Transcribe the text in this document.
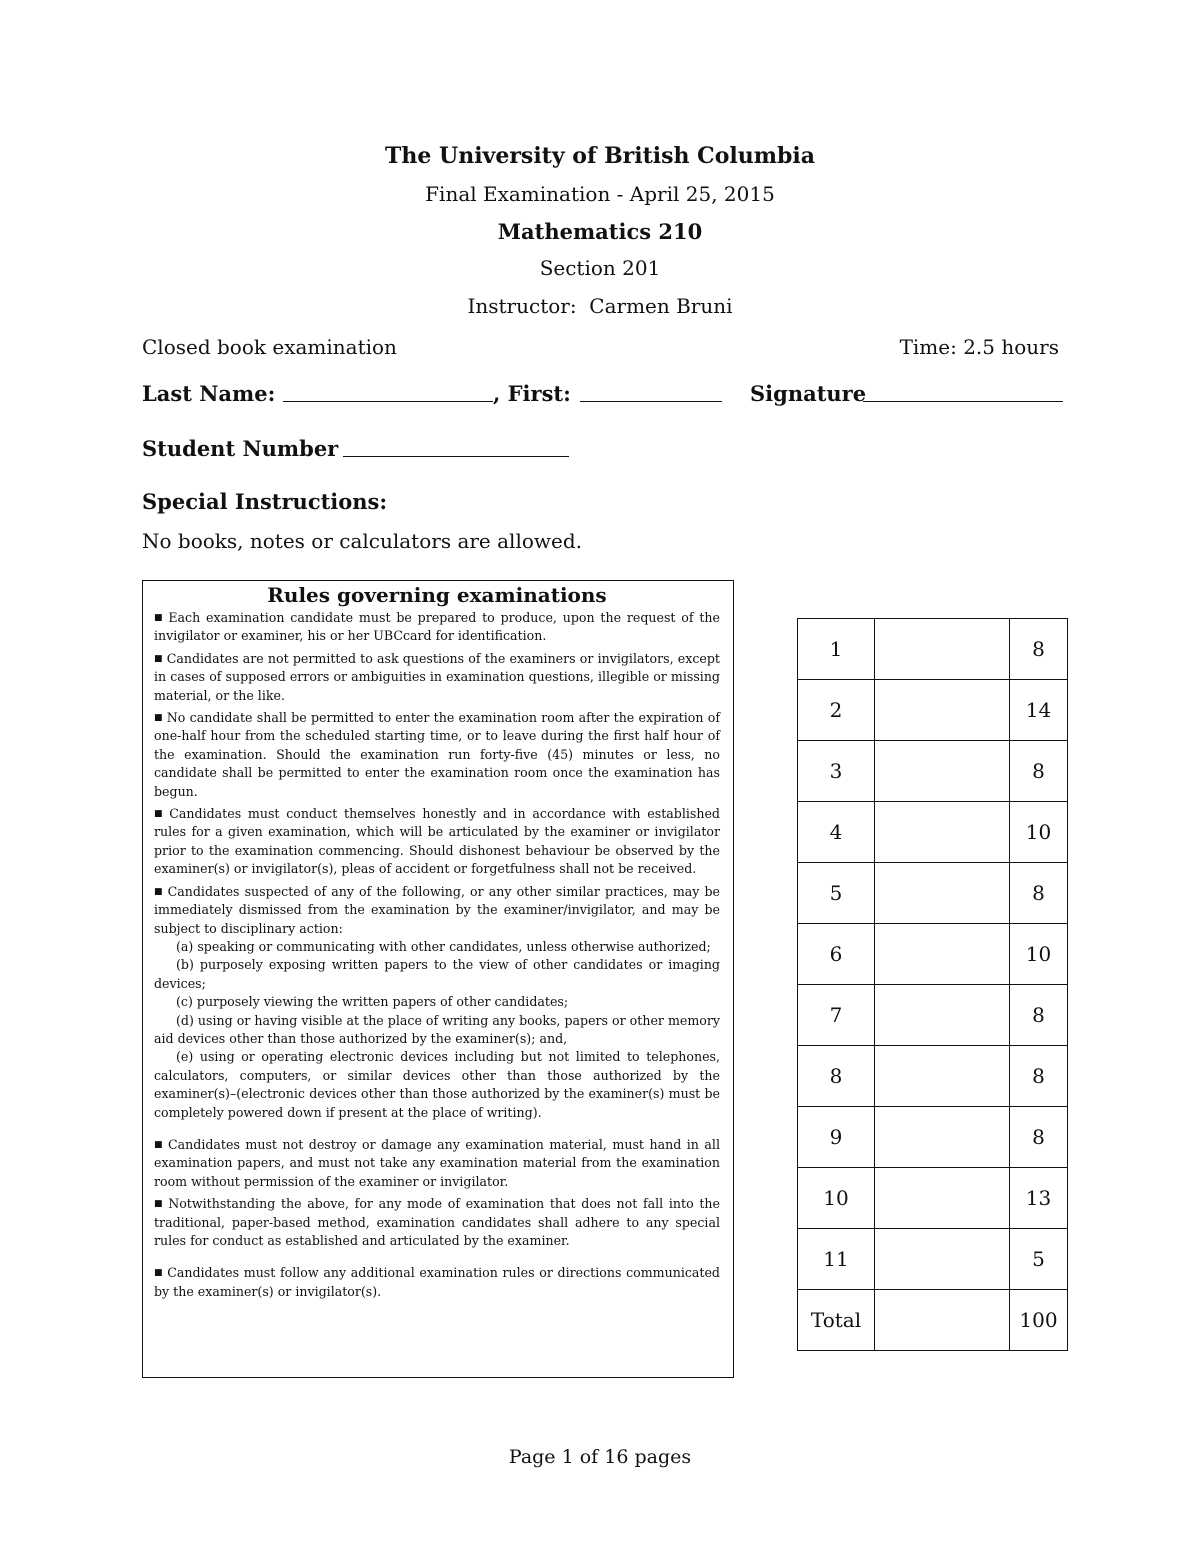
The University of British Columbia
Final Examination - April 25, 2015
Mathematics 210
Section 201
Instructor:  Carmen Bruni
Closed book examination	Time: 2.5 hours
Last Name:	, First:	Signature
Student Number
Special Instructions:
No books, notes or calculators are allowed.
Rules governing examinations

■ Each examination candidate must be prepared to produce, upon the request of the invigilator or examiner, his or her UBCcard for identification.

■ Candidates are not permitted to ask questions of the examiners or invigilators, except in cases of supposed errors or ambiguities in examination questions, illegible or missing material, or the like.

■ No candidate shall be permitted to enter the examination room after the expiration of one-half hour from the scheduled starting time, or to leave during the first half hour of the examination. Should the examination run forty-five (45) minutes or less, no candidate shall be permitted to enter the examination room once the examination has begun.

■ Candidates must conduct themselves honestly and in accordance with established rules for a given examination, which will be articulated by the examiner or invigilator prior to the examination commencing. Should dishonest behaviour be observed by the examiner(s) or invigilator(s), pleas of accident or forgetfulness shall not be received.

■ Candidates suspected of any of the following, or any other similar practices, may be immediately dismissed from the examination by the examiner/invigilator, and may be subject to disciplinary action:

(a) speaking or communicating with other candidates, unless otherwise authorized;

(b) purposely exposing written papers to the view of other candidates or imaging devices;

(c) purposely viewing the written papers of other candidates;

(d) using or having visible at the place of writing any books, papers or other memory aid devices other than those authorized by the examiner(s); and,

(e) using or operating electronic devices including but not limited to telephones, calculators, computers, or similar devices other than those authorized by the examiner(s)–(electronic devices other than those authorized by the examiner(s) must be completely powered down if present at the place of writing).

■ Candidates must not destroy or damage any examination material, must hand in all examination papers, and must not take any examination material from the examination room without permission of the examiner or invigilator.

■ Notwithstanding the above, for any mode of examination that does not fall into the traditional, paper-based method, examination candidates shall adhere to any special rules for conduct as established and articulated by the examiner.

■ Candidates must follow any additional examination rules or directions communicated by the examiner(s) or invigilator(s).

1		8
2		14
3		8
4		10
5		8
6		10
7		8
8		8
9		8
10		13
11		5
Total		100
Page 1 of 16 pages
